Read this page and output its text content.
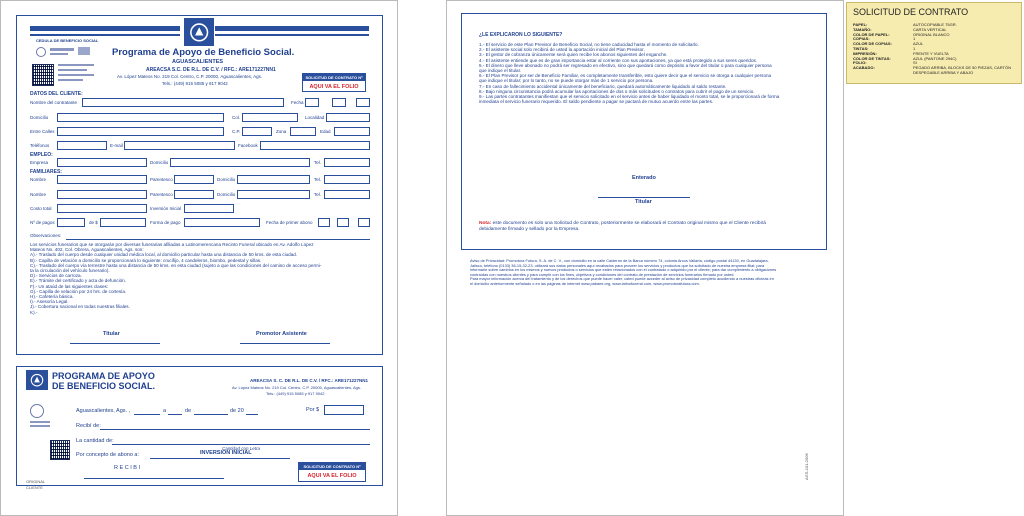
CEDULA DE BENEFICIO SOCIAL
Programa de Apoyo de Beneficio Social.
AGUASCALIENTES
AREACSA S.C. DE R.L. DE C.V. / RFC.: ARE171227NN1
Av. López Mateos No. 219 Col. Centro, C.P. 20000, Aguascalientes, Ags.
Tels.: (449) 915 5085 y 917 9042
SOLICITUD DE CONTRATO Nº
AQUI VA EL FOLIO
DATOS DEL CLIENTE:
Nombre del contratante	Fecha
Domicilio	Col.	Localidad
Entre Calles	C.P.	Zona	Edad
Teléfonos	E-mail	Facebook
EMPLEO:
Empresa	Domicilio	Tel.
FAMILIARES:
Nombre	Parentesco	Domicilio	Tel.
Nombre	Parentesco	Domicilio	Tel.
Costo total	Inversión Inicial
Nº de pagos	de $	Forma de pago	Fecha de primer abono
Observaciones:
Los servicios funerarios que se otorgarán por diversas funerarias afiliadas a Latinomerencana Recinto Funeral ubicado en Av. Adolfo Lopez
Mateos No. 402, Col. Obrera, Aguascalientes, Ags. son:
A).- Traslado del cuerpo desde cualquier unidad médica local, al domicilio particular hasta una distancia de 50 kms. de esta ciudad.
B).- Capilla de velación a domicilio se proporcionará lo siguiente: crucifijo, 4 candeleros, biombo, pedestal y sillas.
C).- Traslado del cuerpo vía terrestre hasta una distancia de 50 kms. en esta ciudad (sujeto a que las condiciones del camino de acceso permi-
ta la circulación del vehículo funerario).
D).- Servicios de carroza.
E).- Trámite del certificado y acta de defunción.
F).- Un ataúd de las siguientes clases:
G).- Capilla de velación por 24 hrs. de cortesía.
H).- Cafetería básica.
I).- Asesoría Legal.
J).- Cobertura nacional en todas nuestras filiales.
K).-
Titular	Promotor Asistente
PROGRAMA DE APOYO
DE BENEFICIO SOCIAL.
AREACSA S. C. DE R.L. DE C.V. / RFC.: ARE171227NN1
Av. López Mateos No. 219 Col. Centro, C.P. 20000, Aguascalientes, Ags.
Tels.: (449) 915 5085 y 917 9042
Aguascalientes, Ags. ,	a	de	de 20	Por $
Recibí de:
La cantidad de:
Cantidad con Letra
Por concepto de abono a:	INVERSION INICIAL
R E C I B I	SOLICITUD DE CONTRATO Nº
AQUI VA EL FOLIO
ORIGINAL
CLIENTE
¿LE EXPLICARON LO SIGUIENTE?
1.- El servicio de este Plan Previsor de Beneficio Social, no tiene caducidad hasta el momento de solicitarlo.
2.- El asistente social solo recibirá de usted la aportación inicial del Plan Previsor.
3.- El gestor de cobranza únicamente será quien recibe los abonos siguientes del enganche.
4.- El asistente entiende que es de gran importancia estar al corriente con sus aportaciones, ya que está protegido a sus seres queridos.
5.- El dinero que lleve abonado no podrá ser regresado en efectivo, sino que quedará como depósito a favor del titular o para cualquier persona
que indique el titular.
6.- El Plan Previsor por ser de Beneficio Familiar, es completamente transferible, esto quiere decir que el servicio se otorga a cualquier persona
que indique el titular; por lo tanto, no se puede otorgar más de 1 servicio por persona.
7.- En caso de fallecimiento accidental únicamente del beneficiario, quedará automáticamente liquidado al saldo restante.
8.- Bajo ninguna circunstancia podrá acumular las aportaciones de dos o más solicitudes o contratos para cubrir el pago de un servicio.
9.- Las partes contratantes manifiestan que el servicio solicitado en el servicio antes de haber liquidado el monto total, se le proporcionará de forma
inmediata el servicio funerario requerido. El saldo pendiente a pagar se pactará de mutuo acuerdo entre las partes.
Enterado
Titular
Nota: este documento es solo una Solicitud de Contrato, posteriormente se elaborará el Contrato original mismo que el Cliente recibirá
debidamente firmado y sellado por la Empresa.
Aviso de Privacidad: Promotora Futura, S. A. de C. V., con domicilio en la calle Calderón de la Barca número 74, colonia Arcos Vallarta, código postal 44130, en Guadalajara,
Jalisco, teléfono (0133) 36-15-32-23, utilizará sus datos personales aquí recabados para proveer los servicios y productos que ha solicitado de nuestra empresa filial; para
informarle sobre cambios en los mismos y nuevos productos o servicios que estén relacionados con el contratado o adquirido por el cliente; para dar cumplimiento a obligaciones
contraídas con nuestros clientes y para cumplir con los fines, objetivos y condiciones del contrato de prestación de servicios funerarios firmado por usted.
Para mayor información acerca del tratamiento y de los derechos que puede hacer valer, usted puede acceder al aviso de privacidad completo acudiendo a nuestras oficinas en
el domicilio anteriormente señalado o en las páginas de internet www.pabamr.org, www.latinofuneral.com, www.promotorafutura.com.
AGS-101-2006
SOLICITUD DE CONTRATO
PAPEL:	AUTOCOPIABLE 75GR.
TAMAÑO:	CARTA VERTICAL
COLOR DE PAPEL:	ORIGINAL BLANCO
COPIAS:	1
COLOR DE COPIAS:	AZUL
TINTAS:	1
IMPRESIÓN:	FRENTE Y VUELTA
COLOR DE TINTAS:	AZUL (PANTONE 294C)
FOLIO:	SI
ACABADO:	PEGADO ARRIBA, BLOCKS DE 50 PIEZAS, CARTÓN
DESPEGABLE ARRIBA Y ABAJO
